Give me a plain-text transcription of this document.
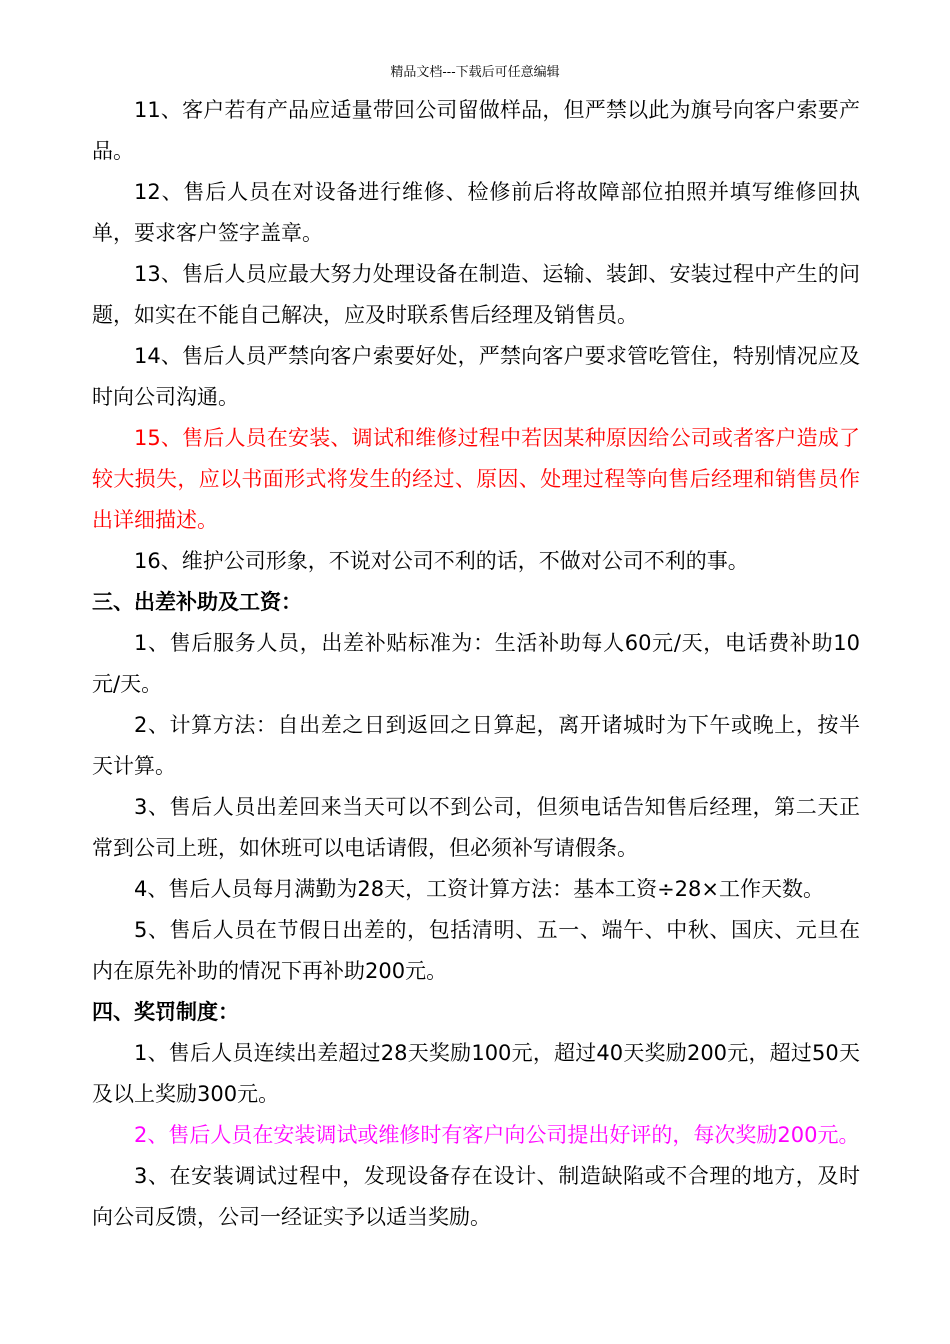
精品文档---下载后可任意编辑

11、客户若有产品应适量带回公司留做样品，但严禁以此为旗号向客户索要产品。

12、售后人员在对设备进行维修、检修前后将故障部位拍照并填写维修回执单，要求客户签字盖章。

13、售后人员应最大努力处理设备在制造、运输、装卸、安装过程中产生的问题，如实在不能自己解决，应及时联系售后经理及销售员。

14、售后人员严禁向客户索要好处，严禁向客户要求管吃管住，特别情况应及时向公司沟通。

15、售后人员在安装、调试和维修过程中若因某种原因给公司或者客户造成了较大损失，应以书面形式将发生的经过、原因、处理过程等向售后经理和销售员作出详细描述。

16、维护公司形象，不说对公司不利的话，不做对公司不利的事。

三、出差补助及工资：

1、售后服务人员，出差补贴标准为：生活补助每人60元/天，电话费补助10元/天。

2、计算方法：自出差之日到返回之日算起，离开诸城时为下午或晚上，按半天计算。

3、售后人员出差回来当天可以不到公司，但须电话告知售后经理，第二天正常到公司上班，如休班可以电话请假，但必须补写请假条。

4、售后人员每月满勤为28天，工资计算方法：基本工资÷28×工作天数。

5、售后人员在节假日出差的，包括清明、五一、端午、中秋、国庆、元旦在内在原先补助的情况下再补助200元。

四、奖罚制度：

1、售后人员连续出差超过28天奖励100元，超过40天奖励200元，超过50天及以上奖励300元。

2、售后人员在安装调试或维修时有客户向公司提出好评的，每次奖励200元。

3、在安装调试过程中，发现设备存在设计、制造缺陷或不合理的地方，及时向公司反馈，公司一经证实予以适当奖励。
